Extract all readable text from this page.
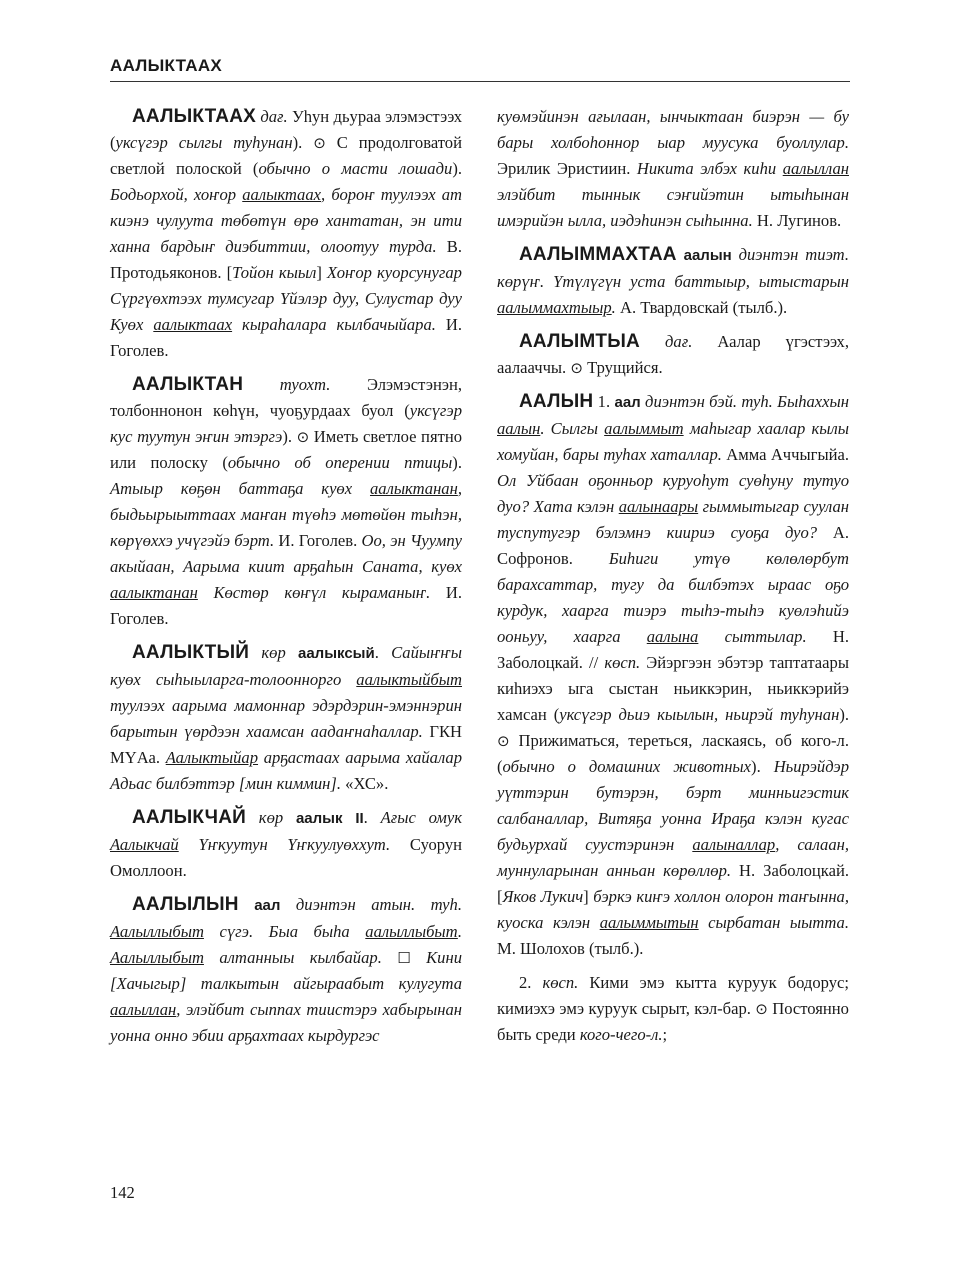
ААЛЫКТААХ

ААЛЫКТААХ дағ. Уһун дьураа элэмэстээх (уксүгэр сылгы туһунан). ⊙ С продолговатой светлой полоской (обычно о масти лошади). Бодьорхой, хоҥор аалыктаах, бороҥ туулээх ат киэнэ чулуута төбөтүн өрө хантатан, эн ити ханна бардыҥ диэбиттии, олоотуу турда. В. Протодьяконов. [Тойон кыыл] Хоҥор куорсунугар Сүргүөхтээх тумсугар Үйэлэр дуу, Сулустар дуу Куөх аалыктаах кыраһалара кылбачыйара. И. Гоголев.

ААЛЫКТАН туохт. Элэмэстэнэн, толбоннонон көһүн, чуоҕурдаах буол (уксүгэр кус туутун эҥин этэргэ). ⊙ Иметь светлое пятно или полоску (обычно об оперении птицы). Атыыр көҕөн баттаҕа куөх аалыктанан, быдьырыыттаах маҥан түөһэ мөтөйөн тыһэн, көрүөххэ учүгэйэ бэрт. И. Гоголев. Оо, эн Чуумпу акыйаан, Аарыма киит арҕаһын Саната, куөх аалыктанан Көстөр көҥүл кыраманыҥ. И. Гоголев.

ААЛЫКТЫЙ көр аалыксый. Сайыҥҥы куөх сыһыыларга-толооннорго аалыктыйбыт туулээх аарыма мамоннар эдэрдэрин-эмэннэрин барытын үөрдээн хаамсан аадаҥнаһаллар. ГКН МҮАа. Аалыктыйар арҕастаах аарыма хайалар Адьас билбэттэр [мин киммин]. «ХС».

ААЛЫКЧАЙ көр аалык II. Ағыс омук Аалыкчай Үҥкуутун Үҥкуулуөххут. Суорун Омоллоон.

ААЛЫЛЫН аал диэнтэн атын. туһ. Аалыллыбыт сүгэ. Быа быһа аалыллыбыт. Аалыллыбыт алтанныы кылбайар. ☐ Кини [Хачыгыр] талкытын айгыраабыт кулугута аалыллан, элэйбит сыппах тиистэрэ хабырынан уонна онно эбии арҕахтаах кырдургэс

куөмэйинэн ағылаан, ынчыктаан биэрэн — бу бары холбоһоннор ыар муусука буоллулар. Эрилик Эристиин. Никита элбэх киһи аалыллан элэйбит тыннык сэҥийэтин ытыһынан имэрийэн ылла, иэдэһинэн сыһынна. Н. Лугинов.

ААЛЫММАХТАА аалын диэнтэн тиэт. көрүҥ. Үтүлүгүн уста баттыыр, ытыстарын аалыммахтыыр. А. Твардовскай (тылб.).

ААЛЫМТЫА дағ. Аалар үгэстээх, аалааччы. ⊙ Трущийся.

ААЛЫН 1. аал диэнтэн бэй. туһ. Быһаххын аалын. Сылгы аалыммыт маһыгар хаалар кылы хомуйан, бары туһах хаталлар. Амма Аччыгыйа. Ол Уйбаан оҕонньор куруоһут суөһуну тутуо дуо? Хата кэлэн аалынаары гыммытыгар суулан туспутугэр бэлэмнэ киириэ суоҕа дуо? А. Софронов. Биһиги утүө көлөлөрбут барахсаттар, тугу да билбэтэх ыраас оҕо курдук, хаарга тиэрэ тыһэ-тыһэ куөлэһийэ ооньуу, хаарга аалына сыттылар. Н. Заболоцкай. // көсп. Эйэргээн эбэтэр таптатаары киһиэхэ ыга сыстан ньиккэрин, ньиккэрийэ хамсан (уксүгэр дьиэ кыылын, ньирэй туһунан). ⊙ Прижиматься, тереться, ласкаясь, об кого-л. (обычно о домашних животных). Ньирэйдэр уүттэрин бутэрэн, бэрт минньигэстик салбаналлар, Витяҕа уонна Ираҕа кэлэн кугас будьурхай суустэринэн аалыналлар, салаан, муннуларынан анньан көрөллөр. Н. Заболоцкай. [Яков Лукич] бэркэ киҥэ холлон олорон таҥынна, куоска кэлэн аалыммытын сырбатан ыытта. М. Шолохов (тылб.).

2. көсп. Кими эмэ кытта куруук бодорус; кимиэхэ эмэ куруук сырыт, кэл-бар. ⊙ Постоянно быть среди кого-чего-л.;

142
